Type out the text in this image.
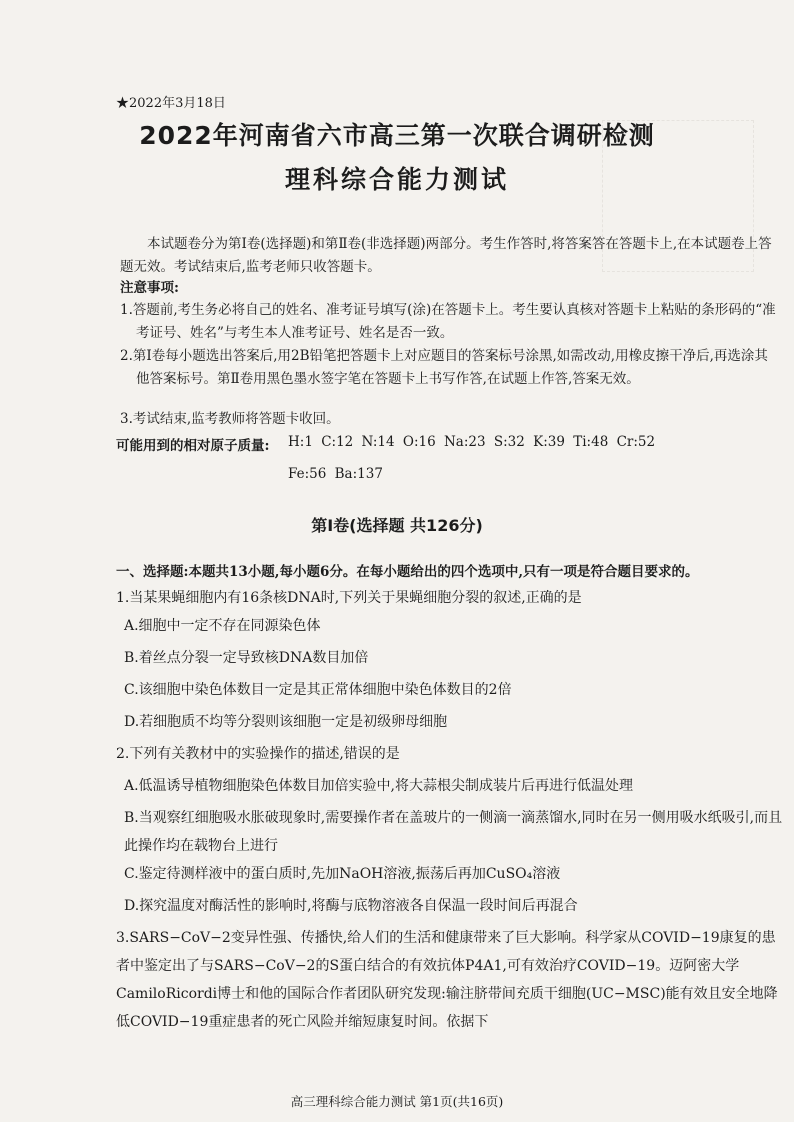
★2022年3月18日
2022年河南省六市高三第一次联合调研检测
理科综合能力测试
本试题卷分为第Ⅰ卷(选择题)和第Ⅱ卷(非选择题)两部分。考生作答时,将答案答在答题卡上,在本试题卷上答题无效。考试结束后,监考老师只收答题卡。
注意事项:
1.答题前,考生务必将自己的姓名、准考证号填写(涂)在答题卡上。考生要认真核对答题卡上粘贴的条形码的“准考证号、姓名”与考生本人准考证号、姓名是否一致。
2.第Ⅰ卷每小题选出答案后,用2B铅笔把答题卡上对应题目的答案标号涂黑,如需改动,用橡皮擦干净后,再选涂其他答案标号。第Ⅱ卷用黑色墨水签字笔在答题卡上书写作答,在试题上作答,答案无效。
3.考试结束,监考教师将答题卡收回。
可能用到的相对原子质量: H:1 C:12 N:14 O:16 Na:23 S:32 K:39 Ti:48 Cr:52
Fe:56 Ba:137
第Ⅰ卷(选择题 共126分)
一、选择题:本题共13小题,每小题6分。在每小题给出的四个选项中,只有一项是符合题目要求的。
1.当某果蝇细胞内有16条核DNA时,下列关于果蝇细胞分裂的叙述,正确的是
A.细胞中一定不存在同源染色体
B.着丝点分裂一定导致核DNA数目加倍
C.该细胞中染色体数目一定是其正常体细胞中染色体数目的2倍
D.若细胞质不均等分裂则该细胞一定是初级卵母细胞
2.下列有关教材中的实验操作的描述,错误的是
A.低温诱导植物细胞染色体数目加倍实验中,将大蒜根尖制成装片后再进行低温处理
B.当观察红细胞吸水胀破现象时,需要操作者在盖玻片的一侧滴一滴蒸馏水,同时在另一侧用吸水纸吸引,而且此操作均在载物台上进行
C.鉴定待测样液中的蛋白质时,先加NaOH溶液,振荡后再加CuSO₄溶液
D.探究温度对酶活性的影响时,将酶与底物溶液各自保温一段时间后再混合
3.SARS−CoV−2变异性强、传播快,给人们的生活和健康带来了巨大影响。科学家从COVID−19康复的患者中鉴定出了与SARS−CoV−2的S蛋白结合的有效抗体P4A1,可有效治疗COVID−19。迈阿密大学CamiloRicordi博士和他的国际合作者团队研究发现:输注脐带间充质干细胞(UC−MSC)能有效且安全地降低COVID−19重症患者的死亡风险并缩短康复时间。依据下
高三理科综合能力测试 第1页(共16页)
